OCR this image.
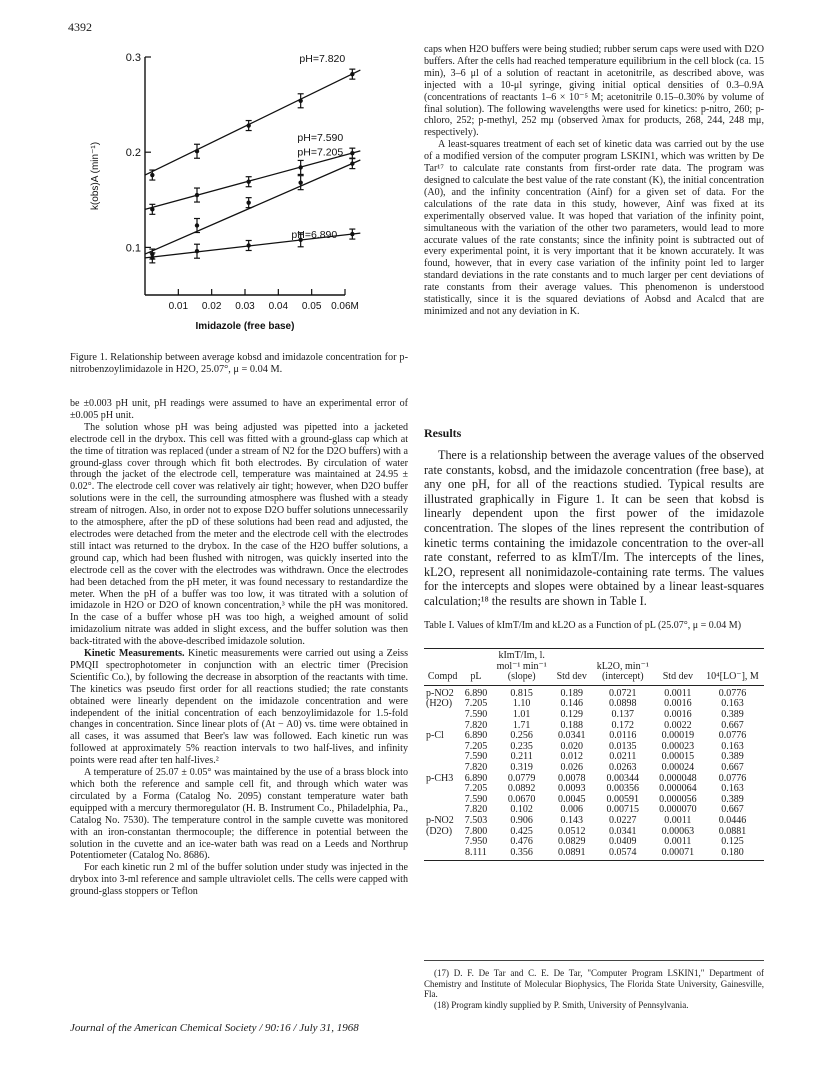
4392
0.1
0.2
0.3
0.01 0.02 0.03 0.04 0.05 0.06M
Imidazole (free base)
k(obs)A (min⁻¹)
pH=7.820
pH=7.590
pH=7.205
pH=6.890
Figure 1. Relationship between average kobsd and imidazole concentration for p-nitrobenzoylimidazole in H2O, 25.07°, μ = 0.04 M.

be ±0.003 pH unit, pH readings were assumed to have an experimental error of ±0.005 pH unit.

The solution whose pH was being adjusted was pipetted into a jacketed electrode cell in the drybox. This cell was fitted with a ground-glass cap which at the time of titration was replaced (under a stream of N2 for the D2O buffers) with a ground-glass cover through which fit both electrodes. By circulation of water through the jacket of the electrode cell, temperature was maintained at 24.95 ± 0.02°. The electrode cell cover was relatively air tight; however, when D2O buffer solutions were in the cell, the surrounding atmosphere was flushed with a steady stream of nitrogen. Also, in order not to expose D2O buffer solutions unnecessarily to the atmosphere, after the pD of these solutions had been read and adjusted, the electrodes were detached from the meter and the electrode cell with the electrodes still intact was returned to the drybox. In the case of the H2O buffer solutions, a ground cap, which had been flushed with nitrogen, was quickly inserted into the electrode cell as the cover with the electrodes was withdrawn. Once the electrodes had been detached from the pH meter, it was found necessary to restandardize the meter. When the pH of a buffer was too low, it was titrated with a solution of imidazole in H2O or D2O of known concentration,³ while the pH was monitored. In the case of a buffer whose pH was too high, a weighed amount of solid imidazolium nitrate was added in slight excess, and the buffer solution was then back-titrated with the above-described imidazole solution.

Kinetic Measurements. Kinetic measurements were carried out using a Zeiss PMQII spectrophotometer in conjunction with an electric timer (Precision Scientific Co.), by following the decrease in absorption of the reactants with time. The kinetics was pseudo first order for all reactions studied; the rate constants obtained were linearly dependent on the imidazole concentration and were independent of the initial concentration of each benzoylimidazole for 1.5-fold changes in concentration. Since linear plots of (At − A0) vs. time were obtained in all cases, it was assumed that Beer's law was followed. Each kinetic run was followed at approximately 5% reaction intervals to two half-lives, and infinity points were read after ten half-lives.²

A temperature of 25.07 ± 0.05° was maintained by the use of a brass block into which both the reference and sample cell fit, and through which water was circulated by a Forma (Catalog No. 2095) constant temperature water bath equipped with a mercury thermoregulator (H. B. Instrument Co., Philadelphia, Pa., Catalog No. 7530). The temperature control in the sample cuvette was monitored with an iron-constantan thermocouple; the difference in potential between the solution in the cuvette and an ice-water bath was read on a Leeds and Northrup Potentiometer (Catalog No. 8686).

For each kinetic run 2 ml of the buffer solution under study was injected in the drybox into 3-ml reference and sample ultraviolet cells. The cells were capped with ground-glass stoppers or Teflon

caps when H2O buffers were being studied; rubber serum caps were used with D2O buffers. After the cells had reached temperature equilibrium in the cell block (ca. 15 min), 3–6 μl of a solution of reactant in acetonitrile, as described above, was injected with a 10-μl syringe, giving initial optical densities of 0.3–0.9A (concentrations of reactants 1–6 × 10⁻⁵ M; acetonitrile 0.15–0.30% by volume of final solution). The following wavelengths were used for kinetics: p-nitro, 260; p-chloro, 252; p-methyl, 252 mμ (observed λmax for products, 268, 244, 248 mμ, respectively).

A least-squares treatment of each set of kinetic data was carried out by the use of a modified version of the computer program LSKIN1, which was written by De Tar¹⁷ to calculate rate constants from first-order rate data. The program was designed to calculate the best value of the rate constant (K), the initial concentration (A0), and the infinity concentration (Ainf) for a given set of data. For the calculations of the rate data in this study, however, Ainf was fixed at its experimentally observed value. It was hoped that variation of the infinity point, simultaneous with the variation of the other two parameters, would lead to more accurate values of the rate constants; since the infinity point is subtracted out of every experimental point, it is very important that it be known accurately. It was found, however, that in every case variation of the infinity point led to larger standard deviations in the rate constants and to much larger per cent deviations of rate constants from their average values. This phenomenon is understood statistically, since it is the squared deviations of Aobsd and Acalcd that are minimized and not any deviation in K.

Results

There is a relationship between the average values of the observed rate constants, kobsd, and the imidazole concentration (free base), at any one pH, for all of the reactions studied. Typical results are illustrated graphically in Figure 1. It can be seen that kobsd is linearly dependent upon the first power of the imidazole concentration. The slopes of the lines represent the contribution of kinetic terms containing the imidazole concentration to the over-all rate constant, referred to as kImT/Im. The intercepts of the lines, kL2O, represent all nonimidazole-containing rate terms. The values for the intercepts and slopes were obtained by a linear least-squares calculation;¹⁸ the results are shown in Table I.

Table I. Values of kImT/Im and kL2O as a Function of pL (25.07°, μ = 0.04 M)

Compd	pL	kImT/Im, l. mol⁻¹ min⁻¹ (slope)	Std dev	kL2O, min⁻¹ (intercept)	Std dev	10⁴[LO⁻], M
p-NO2	6.890	0.815	0.189	0.0721	0.0011	0.0776
(H2O)	7.205	1.10	0.146	0.0898	0.0016	0.163
	7.590	1.01	0.129	0.137	0.0016	0.389
	7.820	1.71	0.188	0.172	0.0022	0.667
p-Cl	6.890	0.256	0.0341	0.0116	0.00019	0.0776
	7.205	0.235	0.020	0.0135	0.00023	0.163
	7.590	0.211	0.012	0.0211	0.00015	0.389
	7.820	0.319	0.026	0.0263	0.00024	0.667
p-CH3	6.890	0.0779	0.0078	0.00344	0.000048	0.0776
	7.205	0.0892	0.0093	0.00356	0.000064	0.163
	7.590	0.0670	0.0045	0.00591	0.000056	0.389
	7.820	0.102	0.006	0.00715	0.000070	0.667
p-NO2	7.503	0.906	0.143	0.0227	0.0011	0.0446
(D2O)	7.800	0.425	0.0512	0.0341	0.00063	0.0881
	7.950	0.476	0.0829	0.0409	0.0011	0.125
	8.111	0.356	0.0891	0.0574	0.00071	0.180

(17) D. F. De Tar and C. E. De Tar, "Computer Program LSKIN1," Department of Chemistry and Institute of Molecular Biophysics, The Florida State University, Gainesville, Fla.

(18) Program kindly supplied by P. Smith, University of Pennsylvania.

Journal of the American Chemical Society / 90:16 / July 31, 1968
